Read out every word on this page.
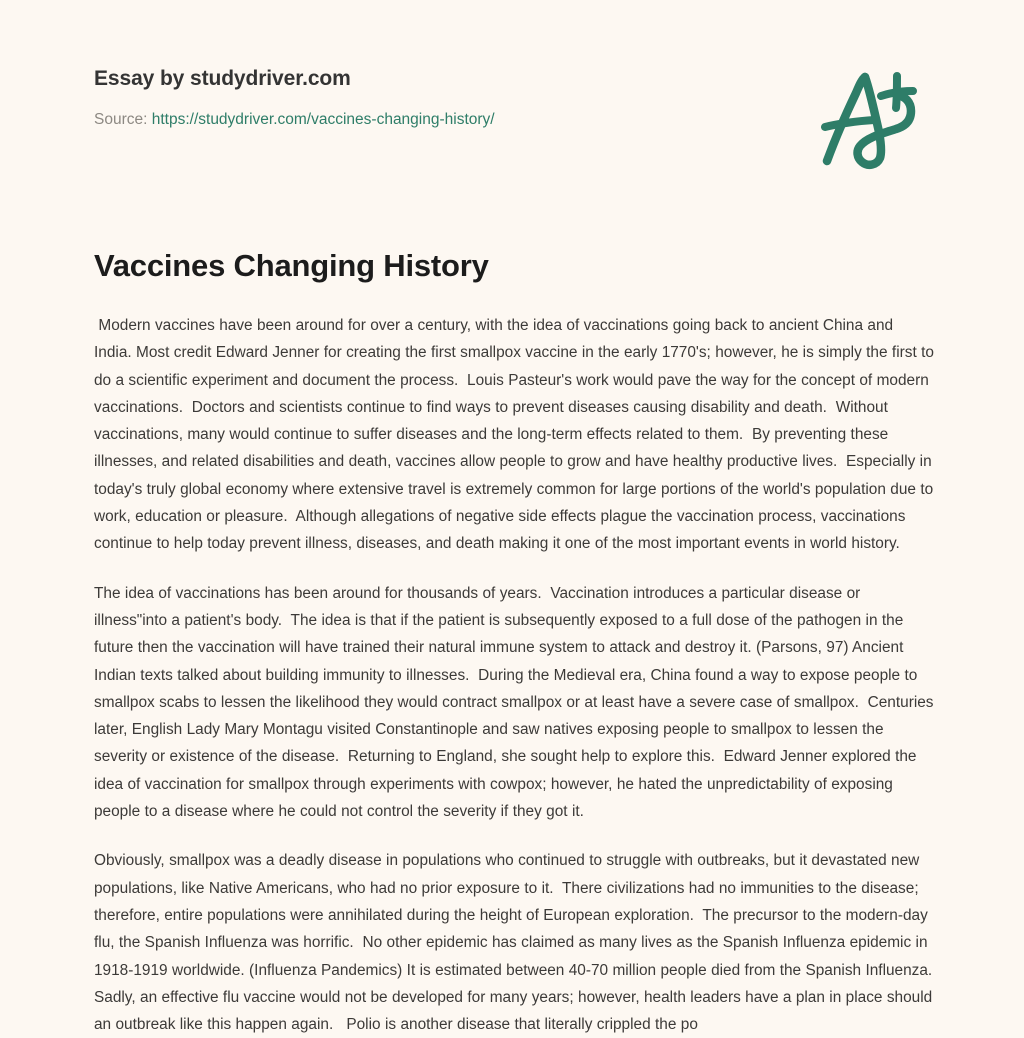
Essay by studydriver.com
Source: https://studydriver.com/vaccines-changing-history/
Vaccines Changing History

Modern vaccines have been around for over a century, with the idea of vaccinations going back to ancient China and India. Most credit Edward Jenner for creating the first smallpox vaccine in the early 1770's; however, he is simply the first to do a scientific experiment and document the process.  Louis Pasteur's work would pave the way for the concept of modern vaccinations.  Doctors and scientists continue to find ways to prevent diseases causing disability and death.  Without vaccinations, many would continue to suffer diseases and the long-term effects related to them.  By preventing these illnesses, and related disabilities and death, vaccines allow people to grow and have healthy productive lives.  Especially in today's truly global economy where extensive travel is extremely common for large portions of the world's population due to work, education or pleasure.  Although allegations of negative side effects plague the vaccination process, vaccinations continue to help today prevent illness, diseases, and death making it one of the most important events in world history.

The idea of vaccinations has been around for thousands of years.  Vaccination introduces a particular disease or illness"into a patient's body.  The idea is that if the patient is subsequently exposed to a full dose of the pathogen in the future then the vaccination will have trained their natural immune system to attack and destroy it. (Parsons, 97) Ancient Indian texts talked about building immunity to illnesses.  During the Medieval era, China found a way to expose people to smallpox scabs to lessen the likelihood they would contract smallpox or at least have a severe case of smallpox.  Centuries later, English Lady Mary Montagu visited Constantinople and saw natives exposing people to smallpox to lessen the severity or existence of the disease.  Returning to England, she sought help to explore this.  Edward Jenner explored the idea of vaccination for smallpox through experiments with cowpox; however, he hated the unpredictability of exposing people to a disease where he could not control the severity if they got it.

Obviously, smallpox was a deadly disease in populations who continued to struggle with outbreaks, but it devastated new populations, like Native Americans, who had no prior exposure to it.  There civilizations had no immunities to the disease; therefore, entire populations were annihilated during the height of European exploration.  The precursor to the modern-day flu, the Spanish Influenza was horrific.  No other epidemic has claimed as many lives as the Spanish Influenza epidemic in 1918-1919 worldwide. (Influenza Pandemics) It is estimated between 40-70 million people died from the Spanish Influenza.  Sadly, an effective flu vaccine would not be developed for many years; however, health leaders have a plan in place should an outbreak like this happen again.   Polio is another disease that literally crippled the po
